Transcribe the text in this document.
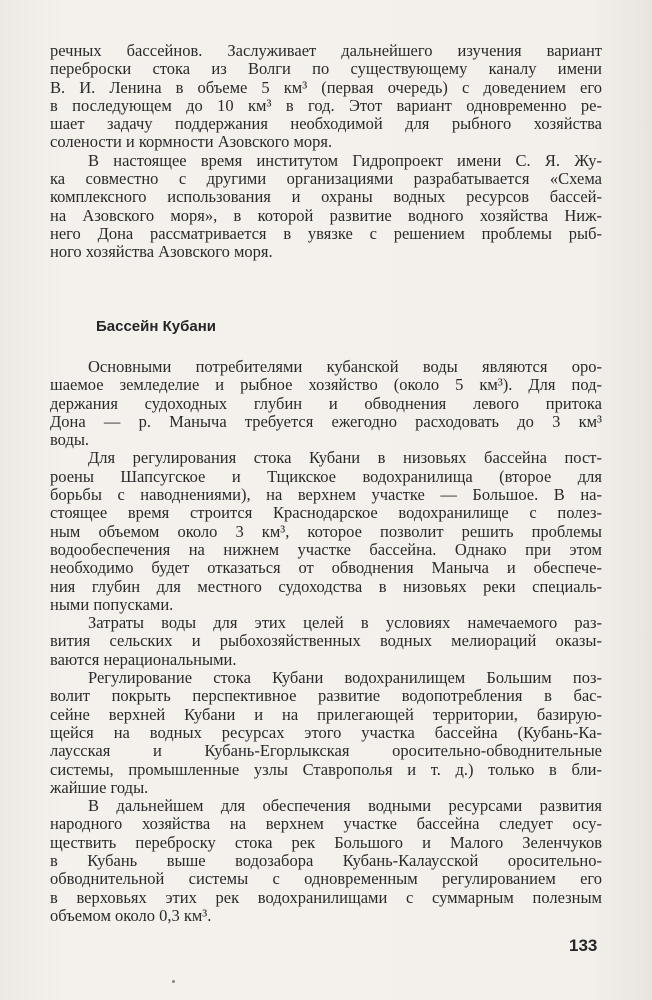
речных бассейнов. Заслуживает дальнейшего изучения вариант
переброски стока из Волги по существующему каналу имени
В. И. Ленина в объеме 5 км³ (первая очередь) с доведением его
в последующем до 10 км³ в год. Этот вариант одновременно ре-
шает задачу поддержания необходимой для рыбного хозяйства
солености и кормности Азовского моря.
В настоящее время институтом Гидропроект имени С. Я. Жу-
ка совместно с другими организациями разрабатывается «Схема
комплексного использования и охраны водных ресурсов бассей-
на Азовского моря», в которой развитие водного хозяйства Ниж-
него Дона рассматривается в увязке с решением проблемы рыб-
ного хозяйства Азовского моря.
Бассейн Кубани
Основными потребителями кубанской воды являются оро-
шаемое земледелие и рыбное хозяйство (около 5 км³). Для под-
держания судоходных глубин и обводнения левого притока
Дона — р. Маныча требуется ежегодно расходовать до 3 км³
воды.
Для регулирования стока Кубани в низовьях бассейна пост-
роены Шапсугское и Тщикское водохранилища (второе для
борьбы с наводнениями), на верхнем участке — Большое. В на-
стоящее время строится Краснодарское водохранилище с полез-
ным объемом около 3 км³, которое позволит решить проблемы
водообеспечения на нижнем участке бассейна. Однако при этом
необходимо будет отказаться от обводнения Маныча и обеспече-
ния глубин для местного судоходства в низовьях реки специаль-
ными попусками.
Затраты воды для этих целей в условиях намечаемого раз-
вития сельских и рыбохозяйственных водных мелиораций оказы-
ваются нерациональными.
Регулирование стока Кубани водохранилищем Большим поз-
волит покрыть перспективное развитие водопотребления в бас-
сейне верхней Кубани и на прилегающей территории, базирую-
щейся на водных ресурсах этого участка бассейна (Кубань-Ка-
лаусская и Кубань-Егорлыкская оросительно-обводнительные
системы, промышленные узлы Ставрополья и т. д.) только в бли-
жайшие годы.
В дальнейшем для обеспечения водными ресурсами развития
народного хозяйства на верхнем участке бассейна следует осу-
ществить переброску стока рек Большого и Малого Зеленчуков
в Кубань выше водозабора Кубань-Калаусской оросительно-
обводнительной системы с одновременным регулированием его
в верховьях этих рек водохранилищами с суммарным полезным
объемом около 0,3 км³.
133
